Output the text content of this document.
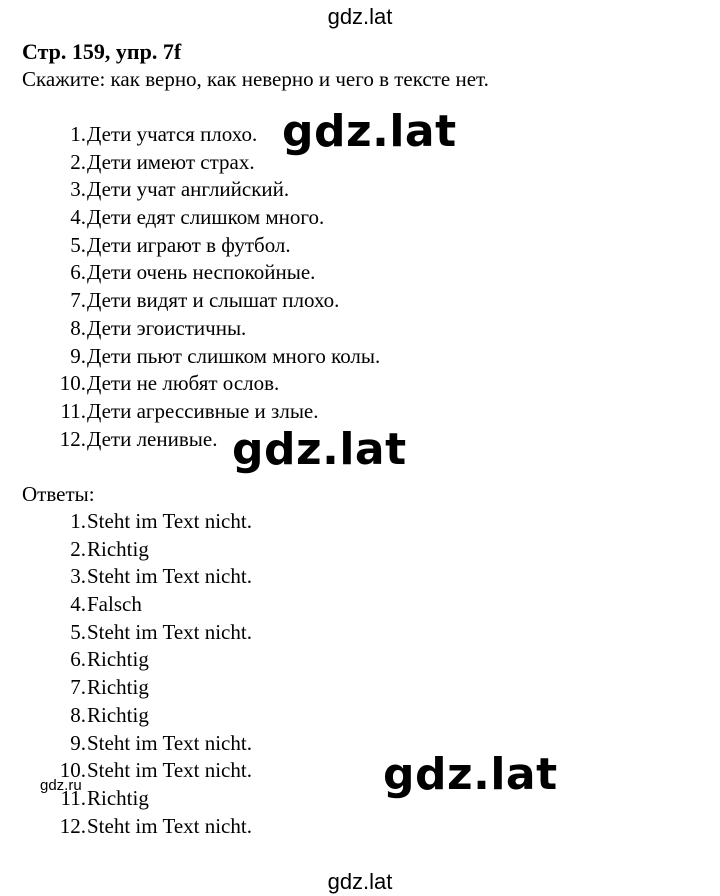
gdz.lat
Стр. 159, упр. 7f
Скажите: как верно, как неверно и чего в тексте нет.
1. Дети учатся плохо.
2. Дети имеют страх.
3. Дети учат английский.
4. Дети едят слишком много.
5. Дети играют в футбол.
6. Дети очень неспокойные.
7. Дети видят и слышат плохо.
8. Дети эгоистичны.
9. Дети пьют слишком много колы.
10. Дети не любят ослов.
11. Дети агрессивные и злые.
12. Дети ленивые.
Ответы:
1. Steht im Text nicht.
2. Richtig
3. Steht im Text nicht.
4. Falsch
5. Steht im Text nicht.
6. Richtig
7. Richtig
8. Richtig
9. Steht im Text nicht.
10. Steht im Text nicht.
11. Richtig
12. Steht im Text nicht.
gdz.lat
gdz.lat
gdz.lat
gdz.ru
gdz.lat
